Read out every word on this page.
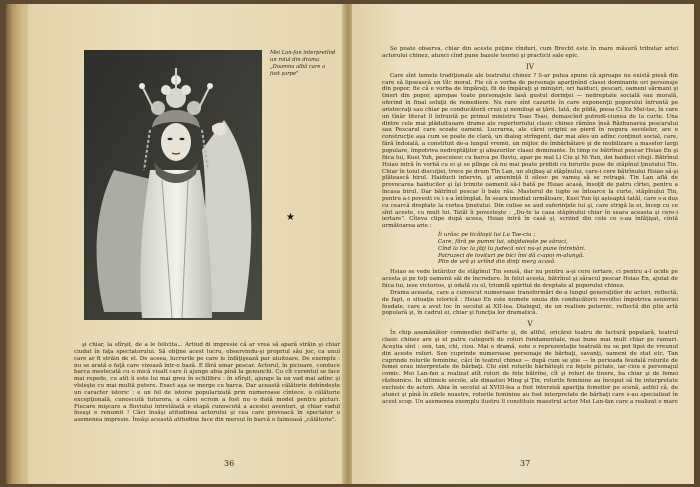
Mei Lan-fan interpretînd un rolul din drama „Doamna albă care a fost şarpe"
★

şi chiar, la sfîrşit, de a le felicita... Artiud di impresie că ar vrea să apară străin şi chiar ciudat în faţa spectatorului. Să obţine acest lucru, observindu-şi propriul său joc, ca unul care ar fi străin de el. De aceea, lucrurile pe care le înfăţişează par uluitoare. De exemplu : nu se arată o faţă care vizează într-o bază. E fără umar pescar. Actorul, în picioare, conduce barca mestecată cu o mică visalt care îi ajunge abia pînă la genunchi. Cu cît curentul se face mai repede, cu atît îi este lui mai greu în echilibru : în sfîrşit, ajunge la un vad mai adînc şi vîsleşte cu mai multă putere. Exact aşa se merge cu barca. Dar această călătorie dobîndește un caracter istoric : e un fel de istorie popularizată prin numeroase cîntece, o călătorie excepţională, cunoscută tuturora, a cărei ecroin a fost nu o dată model pentru picturi. Fiecare mişcare a fluviului întretăiată e etapă cunoscută a acestei aventuri, şi chiar vadul însuşi e renumit ! Căci însăşi atitudinea actorului şi cea care provoacă în spectator o asemenea impresie. Însăşi această atitudine face din mersul în barcă o faimoasă „călătorie".

36

Se poate observa, chiar din aceste puţine rînduri, cum Brecht este în mare măsură tributar artei actorului chinez, atunci cînd pune bazele teoriei şi practicii sale epic.

IV

Care sînt temele tradiţionale ale teatrului chinez ? S-ar putea spune că aproape nu există piesă din care să lipsească un tîlc moral. Fie că e vorba de personaje aparţinînd clasei dominante ori personaje din popor, fie că e vorba de împăraţi, fii de împăraţi şi miniştri, ori haiduci, pescari, oameni sărmani şi tineri din popor, apropae toate personajele lasă gustul dorinţei — nedreptate socială sau morală, oferind în final soluţii de remediere. Nu rare sînt cazurile în care exponenţii poporului înfruntă pe aristocraţi sau chiar pe conducătorii cruzi şi nemiloşi ai ţării. Iată, de pildă, piesa Ci Xu Mei-tse, în care un tînăr literat îl înfruntă pe primul ministru Tsao Tsao, demascînd putredi-ciunea de la curte. Una dintre cele mai plăduituoare drame ale repertoriului clasic chinez rămîne însă Răzbunarea pescarului sau Pescarul care scoate oameni. Lucrarea, ale cărei origini se pierd în negura secolelor, are o construcţie aşa cum se poate de clară, un dialog strîngent, dar mai ales un adînc conţinut social, care, fără îndoială, a constituit de-a lungul vremii, un mijloc de îmbărbătare şi de mobilizare a maselor largi populare, împotriva nedreptăţilor şi abuzurilor clasei dominante. În timp ce bătrînul pescar Hsiao En şi fiica lui, Kuei Yuh, pescuiesc cu barca pe fluviu, apar pe mal Li Ciu şi Ni Yun, doi haiduci viteji. Bătrînul Hsiao intră în vorbă cu ei şi se plînge că nu mai poate prididi cu birurile puse de stăpînul ţinutului Tin. Chiar în toiul discuţiei, trece pe drum Tin Lan, un slujbaş al stăpînului, care-i cere bătrînului Hsiao să-şi plătească birul. Haiducii intervin, şi amenință îi silesc pe vameş să se retragă. Tin Lan află de provocarea haiducilor şi îşi trimite oamenii să-l bată pe Hsiao acasă, însoţit de patru cîrtei, pentru a încasa birul. Dar bătrînul pescar îi bate rău. Masterul de lupte se întoarce la curte, stăpînului Tin, pentru a-i povesti ce i s-a întîmplat. În seara imediat următoare, Kuei Yun îşi așteaptă tatăl, care s-a dus cu cearcă dreptate la curtea ţinutului. Din culise se aud suferinţele lui şi, care strigă la ei, încep cu ce sînt aceste, cu mult lui. Tatăl îi povesteşte : „Du-te la casa stăpînului chiar în seara aceasta şi cere-i iertare". Cîteva clipe după aceea, Hsiao intră în casă şi, scriind din cele ce s-au înfăţişat, cîntă următoarea arie :

Îi urăsc pe ticăloşii lui Lu Tse-ciu ;
Care, fără pe pumni lui, obijduiește pe săraci,
Cînd la loc la jăţi lu judecă nici nu-şi pune întrebări.
Patruzeci de lovituri pe bici îmi dă c-apoi m-alungă.
Plin de ură şi urlînd din dinţi merg acasă.

Hsiao se vede întăritor de stăpînul Tin sensă, dar nu pentru a-şi cere iertare, ci pentru a-l ucide pe acesta şi pe toţi oamenii săi de încredere. În felul acesta, bătrînul şi săracul pescar Hsiao En, ajutat de fiica lui, iese victorios, şi odată cu el, triumfă spiritul de dreptate al poporului chinez.

Drama aceasta, care a cunoscut numeroase transformări de-a lungul generaţiilor de actori, reflectă, de fapt, o situaţie istorică : Hsiao En este numele unuia din conducătorii revoltei împotriva senioriei feudale, care a avut loc în secolul al XII-lea. Dialogul, de un realism puternic, reflectă din plin artă populară şi, în cadrul ei, chiar şi funcţia lor dramatică.

V

În chip asemănător commediei dell'arte şi, de altfel, oricărei teatru de factură populară, teatrul clasic chinez are şi el patru categorii de roluri fundamentale, mai bune mai mult chiar pe ramuri. Aceştia sînt : sen, tan, chi, ciou. Mai o dramă, este o reprezentaţie teatrală nu se pot lipsi de vreunul din aceste roluri. Sen cuprinde numeroase personaje de bărbaţi, savanţi, oameni de stat etc. Tan cuprinde rolurile feminine, căci în teatrul chinez — după cum se ştie — în perioada feudală rolurile de femei erau interpretate de bărbaţi. Chi sînt rolurile bărbăteşti cu feţele pictate, iar ciou e personajul comic. Mei Lan-fan a realizat atît roluri de fete bătrîne, cît şi roluri de tinere, ba chiar şi de femei războinice. În ultimele secole, ale dinastiei Ming şi Ţin, rolurile feminine au început să fie interpretate exclusiv de actori. Abia în secolul al XVIII-lea a fost interzisă apariţia femeilor pe scenă, astfel că, de atunci şi pînă în zilele noastre, rolurile feminine au fost interpretate de bărbaţi care s-au specializat în acest scop. Un asemenea exemplu ilustru îl constituie maestrul actor Mei Lan-fan care a realizat o mare

37
